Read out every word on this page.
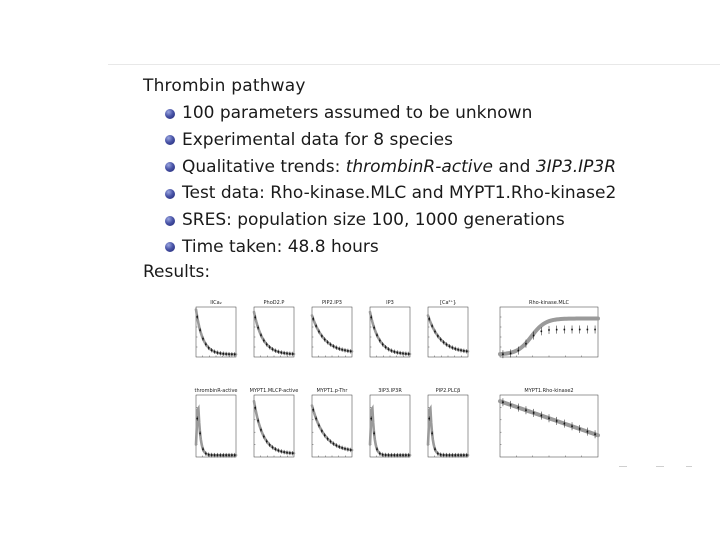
Thrombin pathway
100 parameters assumed to be unknown
Experimental data for 8 species
Qualitative trends: thrombinR-active and 3IP3.IP3R
Test data: Rho-kinase.MLC and MYPT1.Rho-kinase2
SRES: population size 100, 1000 generations
Time taken: 48.8 hours
Results:
IICa₂	PhoD2.P	PIP2.IP3	IP3	[Ca²⁺]ᵢ	Rho-kinase.MLC
thrombinR-active MYPT1.MLCP-active	MYPT1.p-Thr	3IP3.IP3R	PIP2.PLCβ	MYPT1.Rho-kinase2
